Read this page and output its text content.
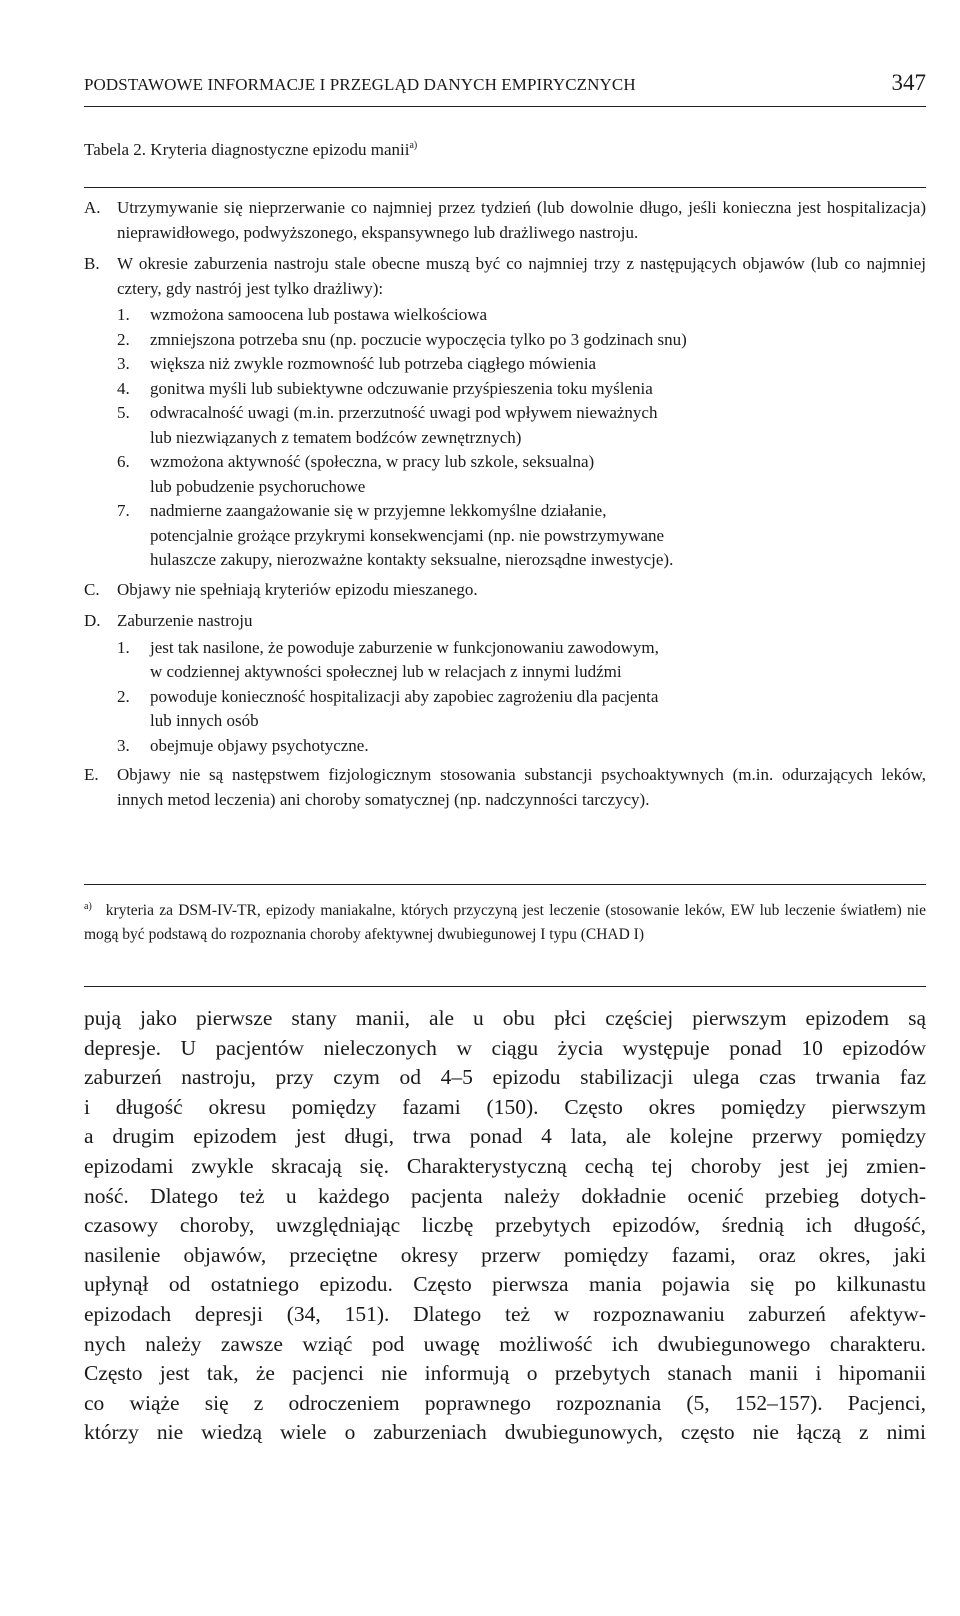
PODSTAWOWE INFORMACJE I PRZEGLĄD DANYCH EMPIRYCZNYCH	347
Tabela 2. Kryteria diagnostyczne epizodu manii$^{a)}$
A. Utrzymywanie się nieprzerwanie co najmniej przez tydzień (lub dowolnie długo, jeśli konieczna jest hospitalizacja) nieprawidłowego, podwyższonego, ekspansywnego lub drażliwego nastroju.
B.	W okresie zaburzenia nastroju stale obecne muszą być co najmniej trzy z następujących objawów (lub co najmniej cztery, gdy nastrój jest tylko drażliwy):
1.	wzmożona samoocena lub postawa wielkościowa
2.	zmniejszona potrzeba snu (np. poczucie wypoczęcia tylko po 3 godzinach snu)
3.	większa niż zwykle rozmowność lub potrzeba ciągłego mówienia
4.	gonitwa myśli lub subiektywne odczuwanie przyśpieszenia toku myślenia
5.	odwracalność uwagi (m.in. przerzutność uwagi pod wpływem nieważnych
lub niezwiązanych z tematem bodźców zewnętrznych)
6.	wzmożona aktywność (społeczna, w pracy lub szkole, seksualna)
lub pobudzenie psychoruchowe
7.	nadmierne zaangażowanie się w przyjemne lekkomyślne działanie,
potencjalnie grożące przykrymi konsekwencjami (np. nie powstrzymywane
hulaszcze zakupy, nierozważne kontakty seksualne, nierozsądne inwestycje).
C.	Objawy nie spełniają kryteriów epizodu mieszanego.
D. Zaburzenie nastroju
1.	jest tak nasilone, że powoduje zaburzenie w funkcjonowaniu zawodowym,
w codziennej aktywności społecznej lub w relacjach z innymi ludźmi
2.	powoduje konieczność hospitalizacji aby zapobiec zagrożeniu dla pacjenta
lub innych osób
3.	obejmuje objawy psychotyczne.
E.	Objawy nie są następstwem fizjologicznym stosowania substancji psychoaktywnych (m.in. odurzających leków, innych metod leczenia) ani choroby somatycznej (np. nadczynności tarczycy).
$^{a)}$ kryteria za DSM-IV-TR, epizody maniakalne, których przyczyną jest leczenie (stosowanie leków, EW lub leczenie światłem) nie mogą być podstawą do rozpoznania choroby afektywnej dwubiegunowej I typu (CHAD I)
pują jako pierwsze stany manii, ale u obu płci częściej pierwszym epizodem są
depresje. U pacjentów nieleczonych w ciągu życia występuje ponad 10 epizodów
zaburzeń nastroju, przy czym od 4–5 epizodu stabilizacji ulega czas trwania faz
i długość okresu pomiędzy fazami (150). Często okres pomiędzy pierwszym
a drugim epizodem jest długi, trwa ponad 4 lata, ale kolejne przerwy pomiędzy
epizodami zwykle skracają się. Charakterystyczną cechą tej choroby jest jej zmien-
ność. Dlatego też u każdego pacjenta należy dokładnie ocenić przebieg dotych-
czasowy choroby, uwzględniając liczbę przebytych epizodów, średnią ich długość,
nasilenie objawów, przeciętne okresy przerw pomiędzy fazami, oraz okres, jaki
upłynął od ostatniego epizodu. Często pierwsza mania pojawia się po kilkunastu
epizodach depresji (34, 151). Dlatego też w rozpoznawaniu zaburzeń afektyw-
nych należy zawsze wziąć pod uwagę możliwość ich dwubiegunowego charakteru.
Często jest tak, że pacjenci nie informują o przebytych stanach manii i hipomanii
co wiąże się z odroczeniem poprawnego rozpoznania (5, 152–157). Pacjenci,
którzy nie wiedzą wiele o zaburzeniach dwubiegunowych, często nie łączą z nimi
